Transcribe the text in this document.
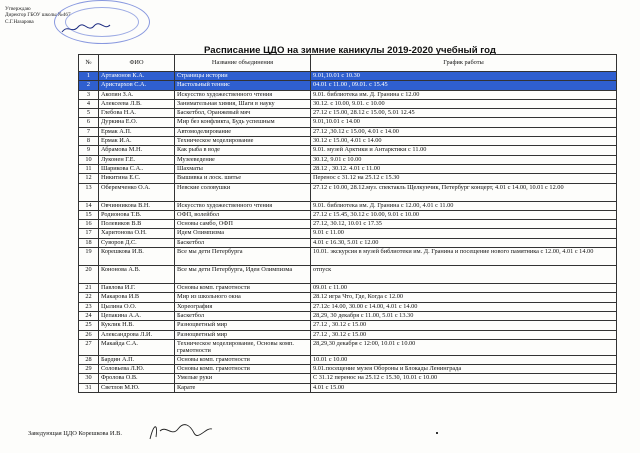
Утверждаю
Директор ГБОУ школы №467
С.Г.Назарова
Расписание ЦДО на зимние каникулы 2019-2020 учебный год
№	ФИО	Название объединения	График работы
1	Артамонов К.А.	Страницы истории	9.01,10.01 с 10.30
2	Аристархов С.А.	Настольный теннис	04.01 с 11.00 , 09.01. с 15.45
3	Акопян З.А.	Искусство художественного чтения	9.01. библиотека им. Д. Гранина с 12.00
4	Алексеева Л.В.	Занимательная химия, Шаги в науку	30.12. с 10.00, 9.01. с 10.00
5	Глебова Н.А.	Баскетбол, Оранжевый мяч	27.12 с 15.00, 28.12 с 15.00, 5.01 12.45
6	Дуркина Е.О.	Мир без конфликта, Будь успешным	9.01,10.01 с 14.00
7	Ермак А.П.	Автомоделирование	27.12 ,30.12 с 15.00, 4.01 с 14.00
8	Ермак И.А.	Техническое моделирование	30.12 с 15.00, 4.01 с 14.00
9	Абрамова М.Н.	Как рыба в воде	9.01. музей Арктики и Антарктики с 11.00
10	Луконен Г.Е.	Музееведение	30.12, 9.01 с 10.00
11	Шарикова С.А..	Шахматы	28.12 , 30.12. 4.01 с 11.00
12	Никитина Е.С.	Вышивка и лоск. шитье	Перенос с 31.12 на 25.12 с 15.30
13	Оберемченко О.А.	Невские соловушки	27.12 с 10.00, 28.12.муз. спектакль Щелкунчик, Петербург концерт, 4.01 с 14.00, 10.01 с 12.00
14	Овчинникова В.Н.	Искусство художественного чтения	9.01. библиотека им. Д. Гранина с 12.00, 4.01 с 11.00
15	Родионова Т.В.	ОФП, волейбол	27.12 с 15.45, 30.12 с 10.00, 9.01 с 10.00
16	Полевиков В.В	Основы самбо, ОФП	27.12, 30.12, 10.01 с 17.35
17	Харитонова О.Н.	Идем Олимпизма	9.01 с 11.00
18	Суворов Д.С.	Баскетбол	4.01 с 16.30, 5.01 с 12.00
19	Корешкова И.В.	Все мы дети Петербурга	10.01. экскурсия в музей библиотеки им. Д. Гранина и посещение нового памятника с 12.00, 4.01 с 14.00
20	Кононова А.В.	Все мы дети Петербурга, Идеи Олимпизма	отпуск
21	Павлова И.Г.	Основы комп. грамотности	09.01 с 11.00
22	Макарова И.В	Мир из школьного окна	28.12 игра Что, Где, Когда с 12.00
23	Цылина О.О.	Хореография	27.12с 14.00, 30.00 с 14.00, 4.01 с 14.00
24	Цепакина А.А.	Баскетбол	28,29, 30 декабря с 11.00, 5.01 с 13.30
25	Куклик Н.В.	Разноцветный мир	27.12 , 30.12 с 15.00
26	Александрова Л.И.	Разноцветный мир	27.12 , 30.12 с 15.00
27	Макайда С.А.	Техническое моделирование, Основы комп. грамотности	28,29,30 декабря с 12:00, 10.01 с 10.00
28	Бардин А.П.	Основы комп. грамотности	10.01 с 10.00
29	Соловьева Л.Ю.	Основы комп. грамотности	9.01.посещение музея Обороны и Блокады Ленинграда
30	Фролова О.В.	Умелые руки	С 31.12 перенос на 25.12 с 15.30, 10.01 с 10.00
31	Светлов М.Ю.	Карате	4.01 с 15.00
Заведующая ЦДО Корешкова И.В.
